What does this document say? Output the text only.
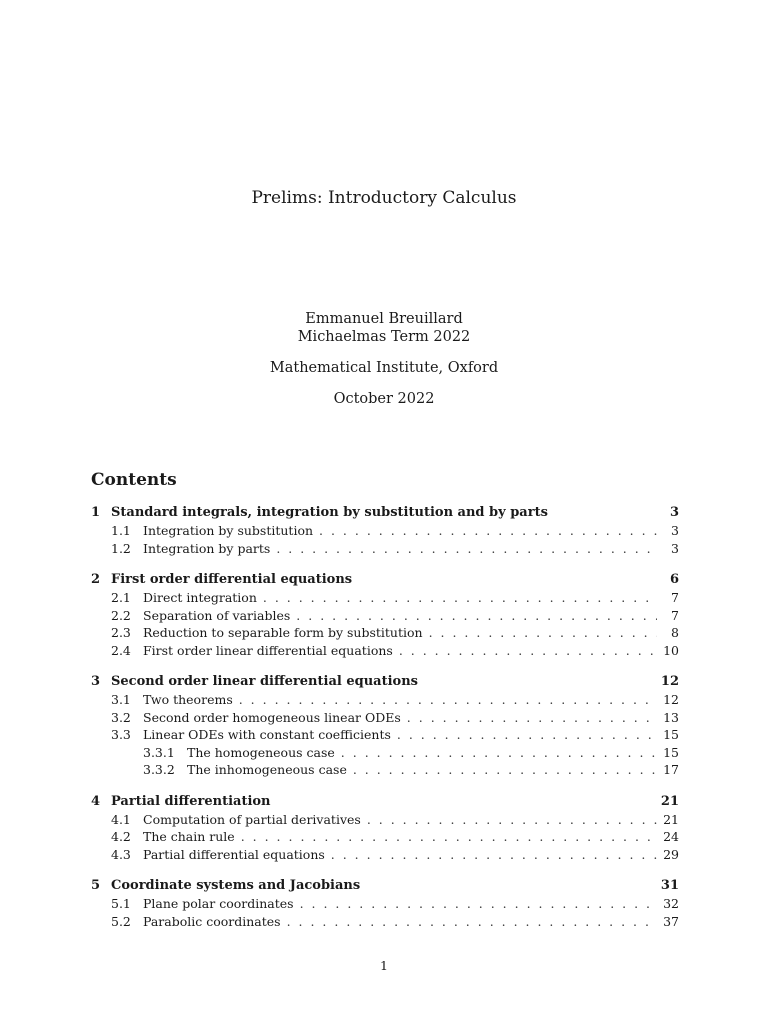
Prelims: Introductory Calculus
Emmanuel Breuillard
Michaelmas Term 2022
Mathematical Institute, Oxford
October 2022
Contents
1 Standard integrals, integration by substitution and by parts	3
1.1 Integration by substitution . . .	3
1.2 Integration by parts . . .	3
2 First order differential equations	6
2.1 Direct integration . . .	7
2.2 Separation of variables . . .	7
2.3 Reduction to separable form by substitution . . .	8
2.4 First order linear differential equations . . .	10
3 Second order linear differential equations	12
3.1 Two theorems . . .	12
3.2 Second order homogeneous linear ODEs . . .	13
3.3 Linear ODEs with constant coefficients . . .	15
3.3.1 The homogeneous case . . .	15
3.3.2 The inhomogeneous case . . .	17
4 Partial differentiation	21
4.1 Computation of partial derivatives . . .	21
4.2 The chain rule . . .	24
4.3 Partial differential equations . . .	29
5 Coordinate systems and Jacobians	31
5.1 Plane polar coordinates . . .	32
5.2 Parabolic coordinates . . .	37
1
